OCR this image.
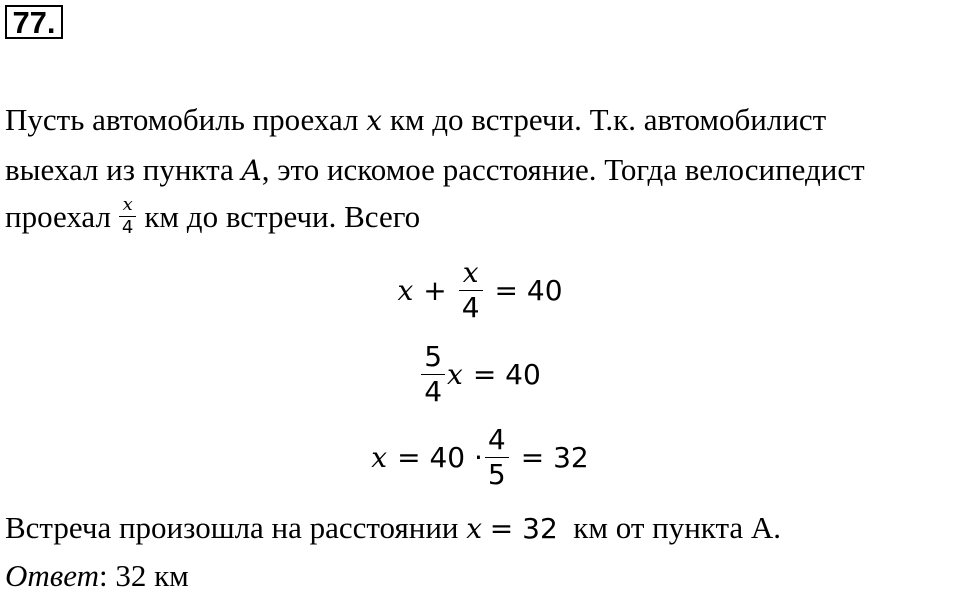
77.
Пусть автомобиль проехал x км до встречи. Т.к. автомобилист
выехал из пункта A, это искомое расстояние. Тогда велосипедист
проехал $\frac{x}{4}$ км до встречи. Всего
$x + \frac{x}{4} = 40$
$\frac{5}{4}$ x = 40
$x = 40 \cdot \frac{4}{5} = 32$
Встреча произошла на расстоянии x = 32 км от пункта А.
Ответ: 32 км
